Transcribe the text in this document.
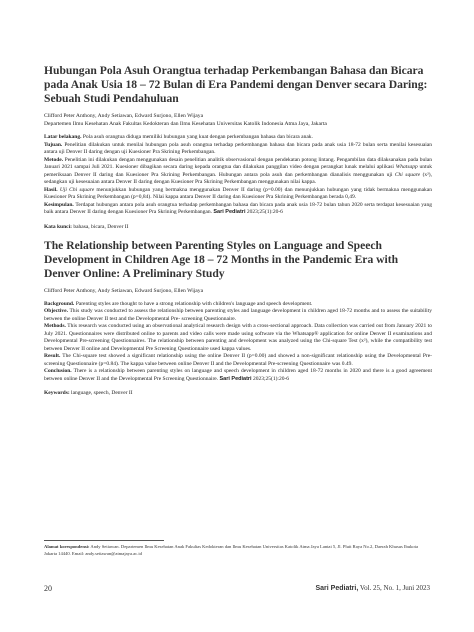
Hubungan Pola Asuh Orangtua terhadap Perkembangan Bahasa dan Bicara pada Anak Usia 18 – 72 Bulan di Era Pandemi dengan Denver secara Daring: Sebuah Studi Pendahuluan
Clifford Peter Anthony, Andy Setiawan, Edward Surjono, Ellen Wijaya
Departemen Ilmu Kesehatan Anak Fakultas Kedokteran dan Ilmu Kesehatan Universitas Katolik Indonesia Atma Jaya, Jakarta

Latar belakang. Pola asuh orangtua diduga memiliki hubungan yang kuat dengan perkembangan bahasa dan bicara anak.

Tujuan. Penelitian dilakukan untuk menilai hubungan pola asuh orangtua terhadap perkembangan bahasa dan bicara pada anak usia 18-72 bulan serta menilai kesesuaian antara uji Denver II daring dengan uji Kuesioner Pra Skrining Perkembangan.

Metode. Penelitian ini dilakukan dengan menggunakan desain penelitian analitik observasional dengan pendekatan potong lintang. Pengambilan data dilaksanakan pada bulan Januari 2021 sampai Juli 2021. Kuesioner dibagikan secara daring kepada orangtua dan dilakukan panggilan video dengan perangkat lunak melalui aplikasi Whatsapp untuk pemeriksaan Denver II daring dan Kuesioner Pra Skrining Perkembangan. Hubungan antara pola asuh dan perkembangan dianalisis menggunakan uji Chi square (x²), sedangkan uji kesesuaian antara Denver II daring dengan Kuesioner Pra Skrining Perkembangan menggunakan nilai kappa.

Hasil. Uji Chi square menunjukkan hubungan yang bermakna menggunakan Denver II daring (p=0.00) dan menunjukkan hubungan yang tidak bermakna menggunakan Kuesioner Pra Skrining Perkembangan (p=0,84). Nilai kappa antara Denver II daring dan Kuesioner Pra Skrining Perkembangan berada 0,49.

Kesimpulan. Terdapat hubungan antara pola asuh orangtua terhadap perkembangan bahasa dan bicara pada anak usia 18-72 bulan tahun 2020 serta terdapat kesesuaian yang baik antara Denver II daring dengan Kuesioner Pra Skrining Perkembangan. Sari Pediatri 2023;25(1):20-6

Kata kunci: bahasa, bicara, Denver II
The Relationship between Parenting Styles on Language and Speech Development in Children Age 18 – 72 Months in the Pandemic Era with Denver Online: A Preliminary Study
Clifford Peter Anthony, Andy Setiawan, Edward Surjono, Ellen Wijaya

Background. Parenting styles are thought to have a strong relationship with children's language and speech development.

Objective. This study was conducted to assess the relationship between parenting styles and language development in children aged 18-72 months and to assess the suitability between the online Denver II test and the Developmental Pre- screening Questionnaire.

Methods. This research was conducted using an observational analytical research design with a cross-sectional approach. Data collection was carried out from January 2021 to July 2021. Questionnaires were distributed online to parents and video calls were made using software via the Whatsapp® application for online Denver II examinations and Developmental Pre-screening Questionnaires. The relationship between parenting and development was analyzed using the Chi-square Test (x²), while the compatibility test between Denver II online and Developmental Pre Screening Questionnaire used kappa values.

Result. The Chi-square test showed a significant relationship using the online Denver II (p=0.00) and showed a non-significant relationship using the Developmental Pre-screening Questionnaire (p=0.84). The kappa value between online Denver II and the Developmental Pre-screening Questionnaire was 0.49.

Conclusion. There is a relationship between parenting styles on language and speech development in children aged 18-72 months in 2020 and there is a good agreement between online Denver II and the Developmental Pre Screening Questionnaire. Sari Pediatri 2023;25(1):20-6

Keywords: language, speech, Denver II
Alamat korespondensi: Andy Setiawan. Departemen Ilmu Kesehatan Anak Fakultas Kedokteran dan Ilmu Kesehatan Universitas Katolik Atma Jaya Lantai 5, Jl. Pluit Raya No.2, Daerah Khusus Ibukota Jakarta 14440. Email: andy.setiawan@atmajaya.ac.id
20	Sari Pediatri, Vol. 25, No. 1, Juni 2023
